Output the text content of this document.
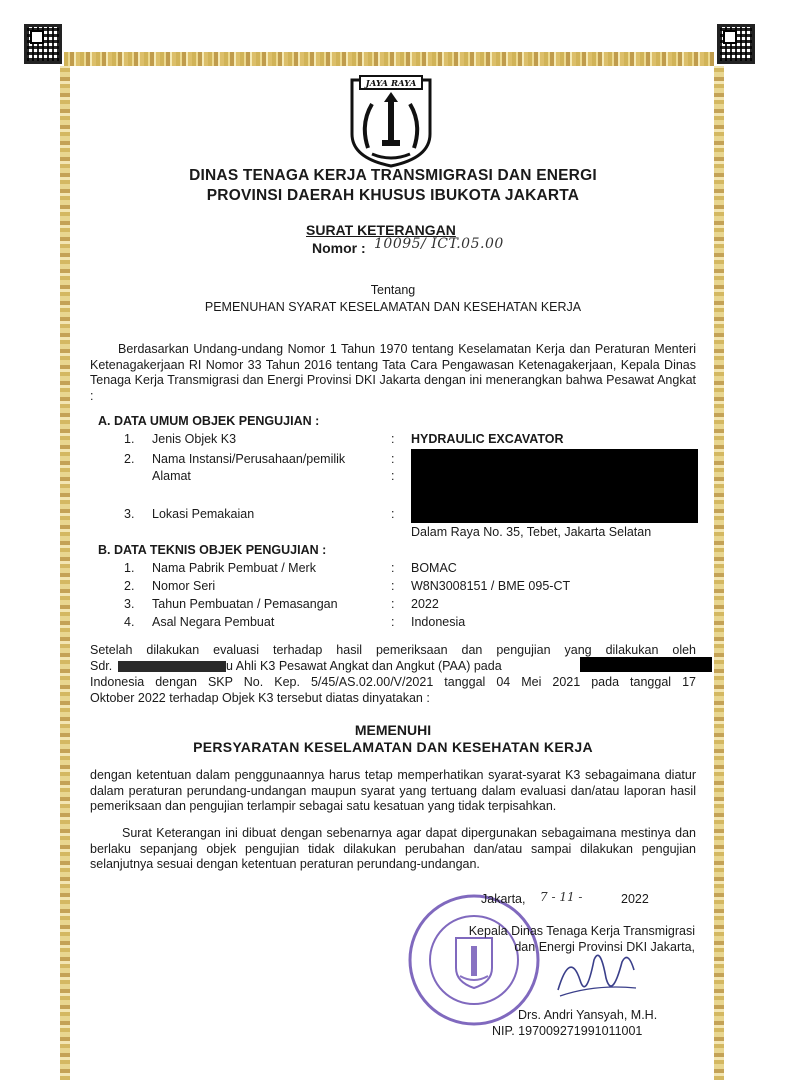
JAYA RAYA
DINAS TENAGA KERJA TRANSMIGRASI DAN ENERGI
PROVINSI DAERAH KHUSUS IBUKOTA JAKARTA
SURAT KETERANGAN
Nomor : 10095/ ICT.05.00
Tentang
PEMENUHAN SYARAT KESELAMATAN DAN KESEHATAN KERJA
Berdasarkan Undang-undang Nomor 1 Tahun 1970 tentang Keselamatan Kerja dan Peraturan Menteri Ketenagakerjaan RI Nomor 33 Tahun 2016 tentang Tata Cara Pengawasan Ketenagakerjaan, Kepala Dinas Tenaga Kerja Transmigrasi dan Energi Provinsi DKI Jakarta dengan ini menerangkan bahwa Pesawat Angkat :
A. DATA UMUM OBJEK PENGUJIAN :
1. Jenis Objek K3	: HYDRAULIC EXCAVATOR
2. Nama Instansi/Perusahaan/pemilik	:
Alamat	:
3. Lokasi Pemakaian	:
Dalam Raya No. 35, Tebet, Jakarta Selatan
B. DATA TEKNIS OBJEK PENGUJIAN :
1. Nama Pabrik Pembuat / Merk	: BOMAC
2. Nomor Seri	: W8N3008151 / BME 095-CT
3. Tahun Pembuatan / Pemasangan	: 2022
4. Asal Negara Pembuat	: Indonesia
Setelah dilakukan evaluasi terhadap hasil pemeriksaan dan pengujian yang dilakukan oleh
Sdr.	u Ahli K3 Pesawat Angkat dan Angkut (PAA) pada
Indonesia dengan SKP No. Kep. 5/45/AS.02.00/V/2021 tanggal 04 Mei 2021 pada tanggal 17
Oktober 2022 terhadap Objek K3 tersebut diatas dinyatakan :
MEMENUHI
PERSYARATAN KESELAMATAN DAN KESEHATAN KERJA
dengan ketentuan dalam penggunaannya harus tetap memperhatikan syarat-syarat K3 sebagaimana diatur dalam peraturan perundang-undangan maupun syarat yang tertuang dalam evaluasi dan/atau laporan hasil pemeriksaan dan pengujian terlampir sebagai satu kesatuan yang tidak terpisahkan.
Surat Keterangan ini dibuat dengan sebenarnya agar dapat dipergunakan sebagaimana mestinya dan berlaku sepanjang objek pengujian tidak dilakukan perubahan dan/atau sampai dilakukan pengujian selanjutnya sesuai dengan ketentuan peraturan perundang-undangan.
Jakarta, 7 - 11 -	2022
Kepala Dinas Tenaga Kerja Transmigrasi
dan Energi Provinsi DKI Jakarta,
Drs. Andri Yansyah, M.H.
NIP. 197009271991011001
